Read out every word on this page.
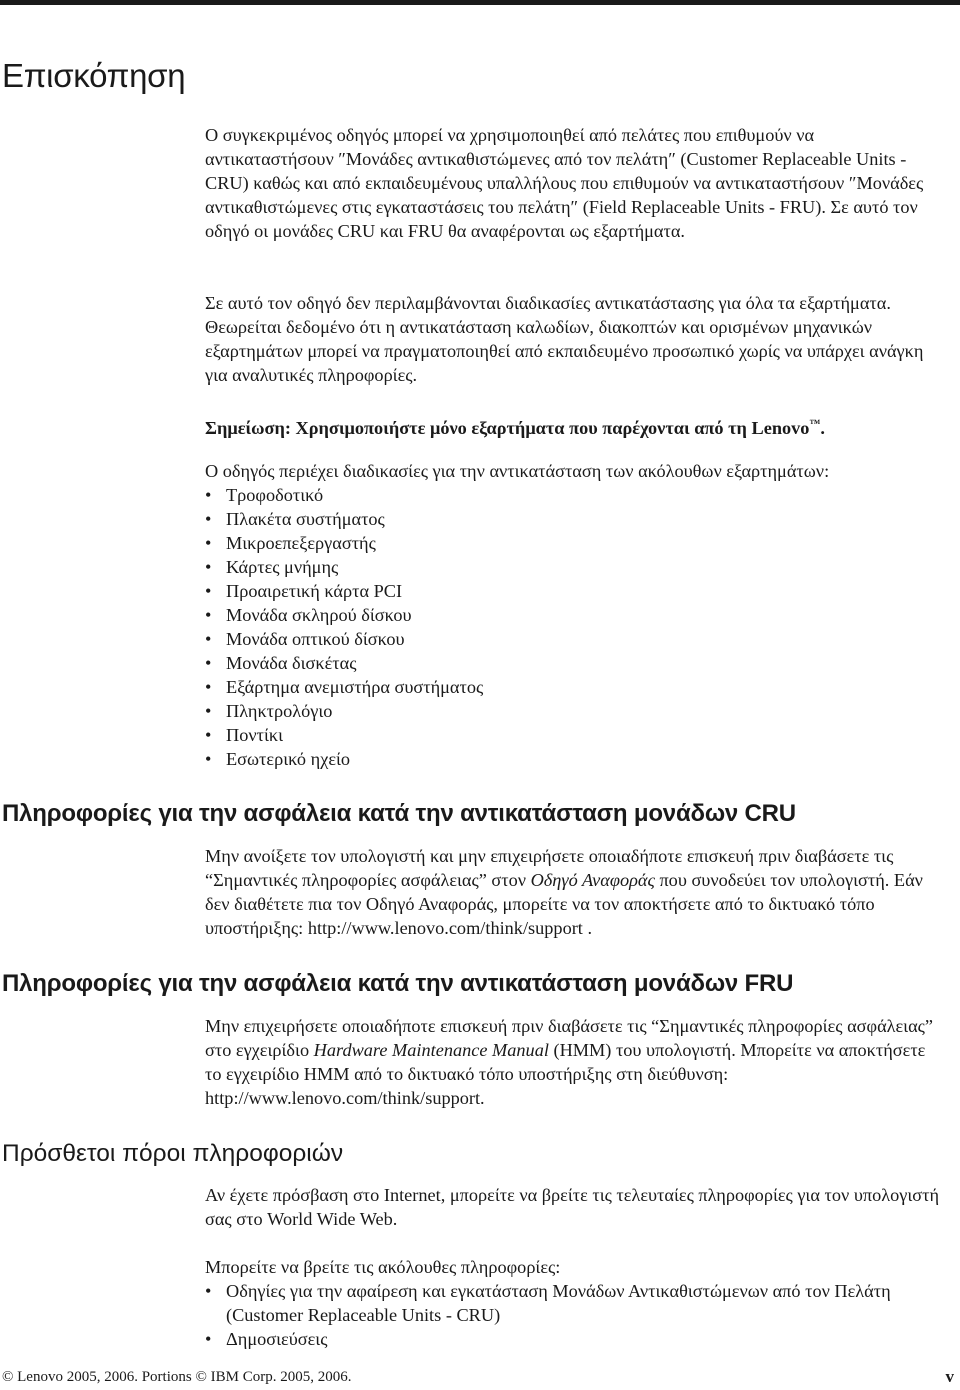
Επισκόπηση

Ο συγκεκριμένος οδηγός μπορεί να χρησιμοποιηθεί από πελάτες που επιθυμούν να αντικαταστήσουν ″Μονάδες αντικαθιστώμενες από τον πελάτη″ (Customer Replaceable Units - CRU) καθώς και από εκπαιδευμένους υπαλλήλους που επιθυμούν να αντικαταστήσουν ″Μονάδες αντικαθιστώμενες στις εγκαταστάσεις του πελάτη″ (Field Replaceable Units - FRU). Σε αυτό τον οδηγό οι μονάδες CRU και FRU θα αναφέρονται ως εξαρτήματα.

Σε αυτό τον οδηγό δεν περιλαμβάνονται διαδικασίες αντικατάστασης για όλα τα εξαρτήματα. Θεωρείται δεδομένο ότι η αντικατάσταση καλωδίων, διακοπτών και ορισμένων μηχανικών εξαρτημάτων μπορεί να πραγματοποιηθεί από εκπαιδευμένο προσωπικό χωρίς να υπάρχει ανάγκη για αναλυτικές πληροφορίες.

Σημείωση: Χρησιμοποιήστε μόνο εξαρτήματα που παρέχονται από τη Lenovo™.

Ο οδηγός περιέχει διαδικασίες για την αντικατάσταση των ακόλουθων εξαρτημάτων:

• Τροφοδοτικό
• Πλακέτα συστήματος
• Μικροεπεξεργαστής
• Κάρτες μνήμης
• Προαιρετική κάρτα PCI
• Μονάδα σκληρού δίσκου
• Μονάδα οπτικού δίσκου
• Μονάδα δισκέτας
• Εξάρτημα ανεμιστήρα συστήματος
• Πληκτρολόγιο
• Ποντίκι
• Εσωτερικό ηχείο
Πληροφορίες για την ασφάλεια κατά την αντικατάσταση μονάδων CRU

Μην ανοίξετε τον υπολογιστή και μην επιχειρήσετε οποιαδήποτε επισκευή πριν διαβάσετε τις “Σημαντικές πληροφορίες ασφάλειας” στον Οδηγό Αναφοράς που συνοδεύει τον υπολογιστή. Εάν δεν διαθέτετε πια τον Οδηγό Αναφοράς, μπορείτε να τον αποκτήσετε από το δικτυακό τόπο υποστήριξης: http://www.lenovo.com/think/support .

Πληροφορίες για την ασφάλεια κατά την αντικατάσταση μονάδων FRU

Μην επιχειρήσετε οποιαδήποτε επισκευή πριν διαβάσετε τις “Σημαντικές πληροφορίες ασφάλειας” στο εγχειρίδιο Hardware Maintenance Manual (HMM) του υπολογιστή. Μπορείτε να αποκτήσετε το εγχειρίδιο HMM από το δικτυακό τόπο υποστήριξης στη διεύθυνση: http://www.lenovo.com/think/support.

Πρόσθετοι πόροι πληροφοριών

Αν έχετε πρόσβαση στο Internet, μπορείτε να βρείτε τις τελευταίες πληροφορίες για τον υπολογιστή σας στο World Wide Web.

Μπορείτε να βρείτε τις ακόλουθες πληροφορίες:

• Οδηγίες για την αφαίρεση και εγκατάσταση Μονάδων Αντικαθιστώμενων από τον Πελάτη (Customer Replaceable Units - CRU)
• Δημοσιεύσεις
© Lenovo 2005, 2006. Portions © IBM Corp. 2005, 2006.	v
